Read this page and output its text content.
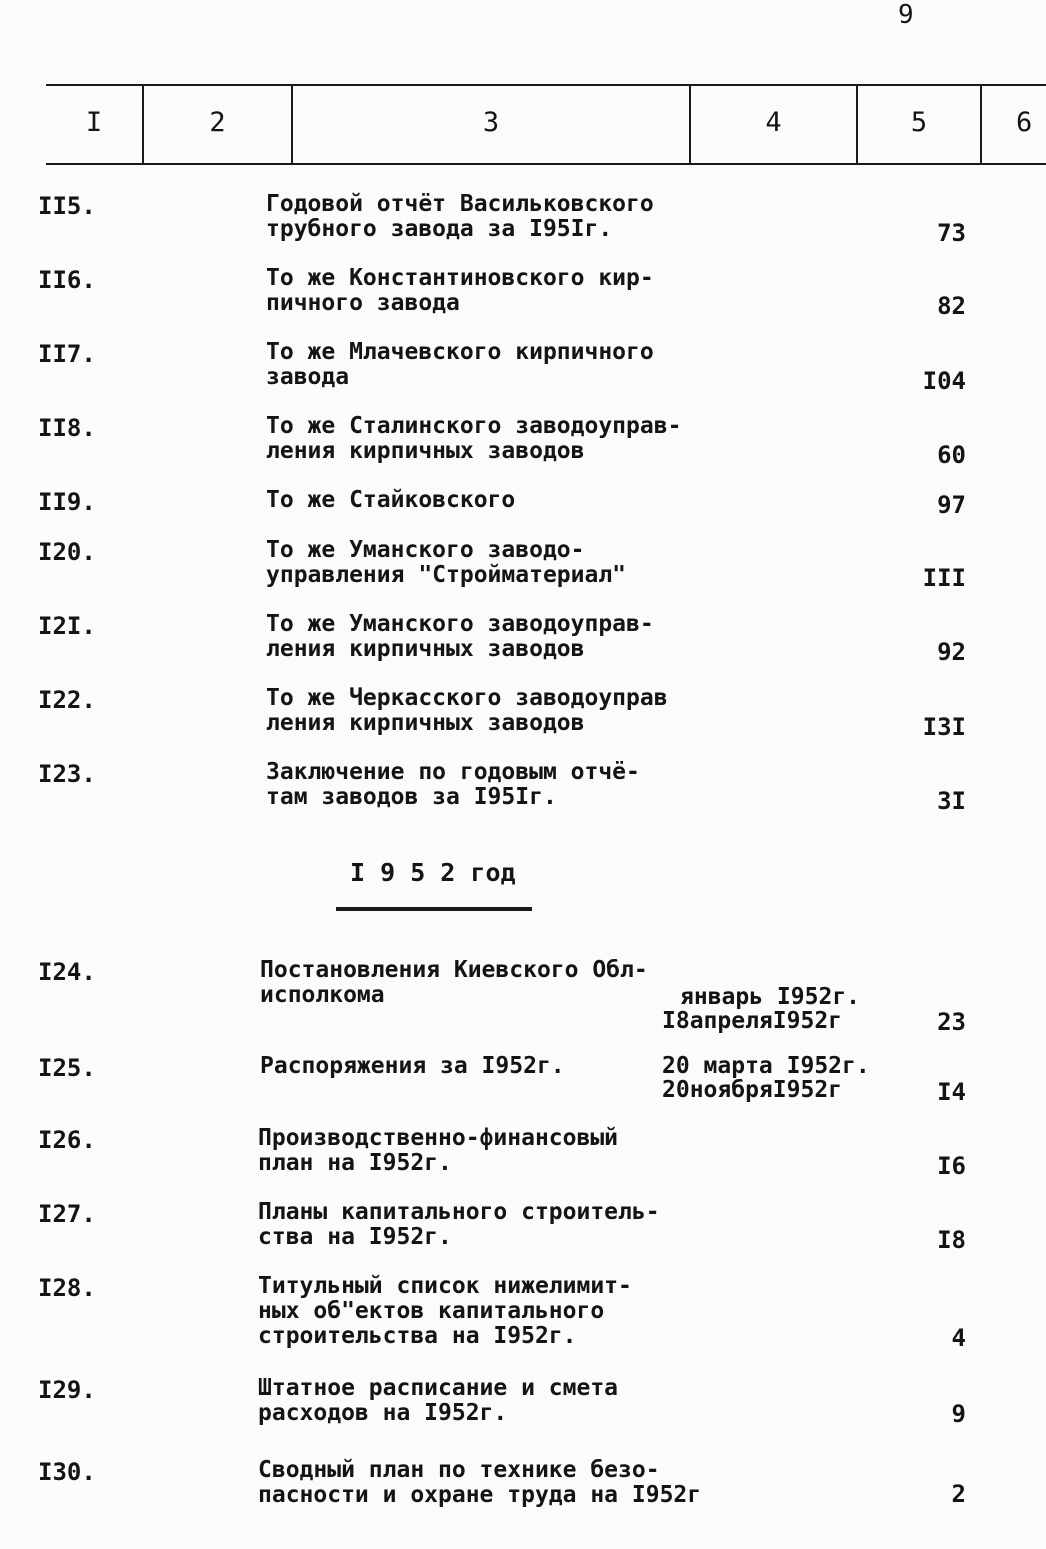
9
I	2	3	4	5	6
II5.	Годовой отчёт Васильковского
трубного завода за I95Iг.	73
II6.	То же Константиновского кир-
пичного завода	82
II7.	То же Млачевского кирпичного
завода	I04
II8.	То же Сталинского заводоуправ-
ления кирпичных заводов	60
II9.	То же Стайковского	97
I20.	То же Уманского заводо-
управления "Стройматериал"	III
I2I.	То же Уманского заводоуправ-
ления кирпичных заводов	92
I22.	То же Черкасского заводоуправ
ления кирпичных заводов	I3I
I23.	Заключение по годовым отчё-
там заводов за I95Iг.	3I
I 9 5 2 год
I24.	Постановления Киевского Обл-
исполкома	январь I952г.
I8апреляI952г	23
I25.	Распоряжения за I952г.	20 марта I952г.
20ноябряI952г	I4
I26.	Производственно-финансовый
план на I952г.	I6
I27.	Планы капитального строитель-
ства на I952г.	I8
I28.	Титульный список нижелимит-
ных об"ектов капитального
строительства на I952г.	4
I29.	Штатное расписание и смета
расходов на I952г.	9
I30.	Сводный план по технике безо-
пасности и охране труда на I952г	2
